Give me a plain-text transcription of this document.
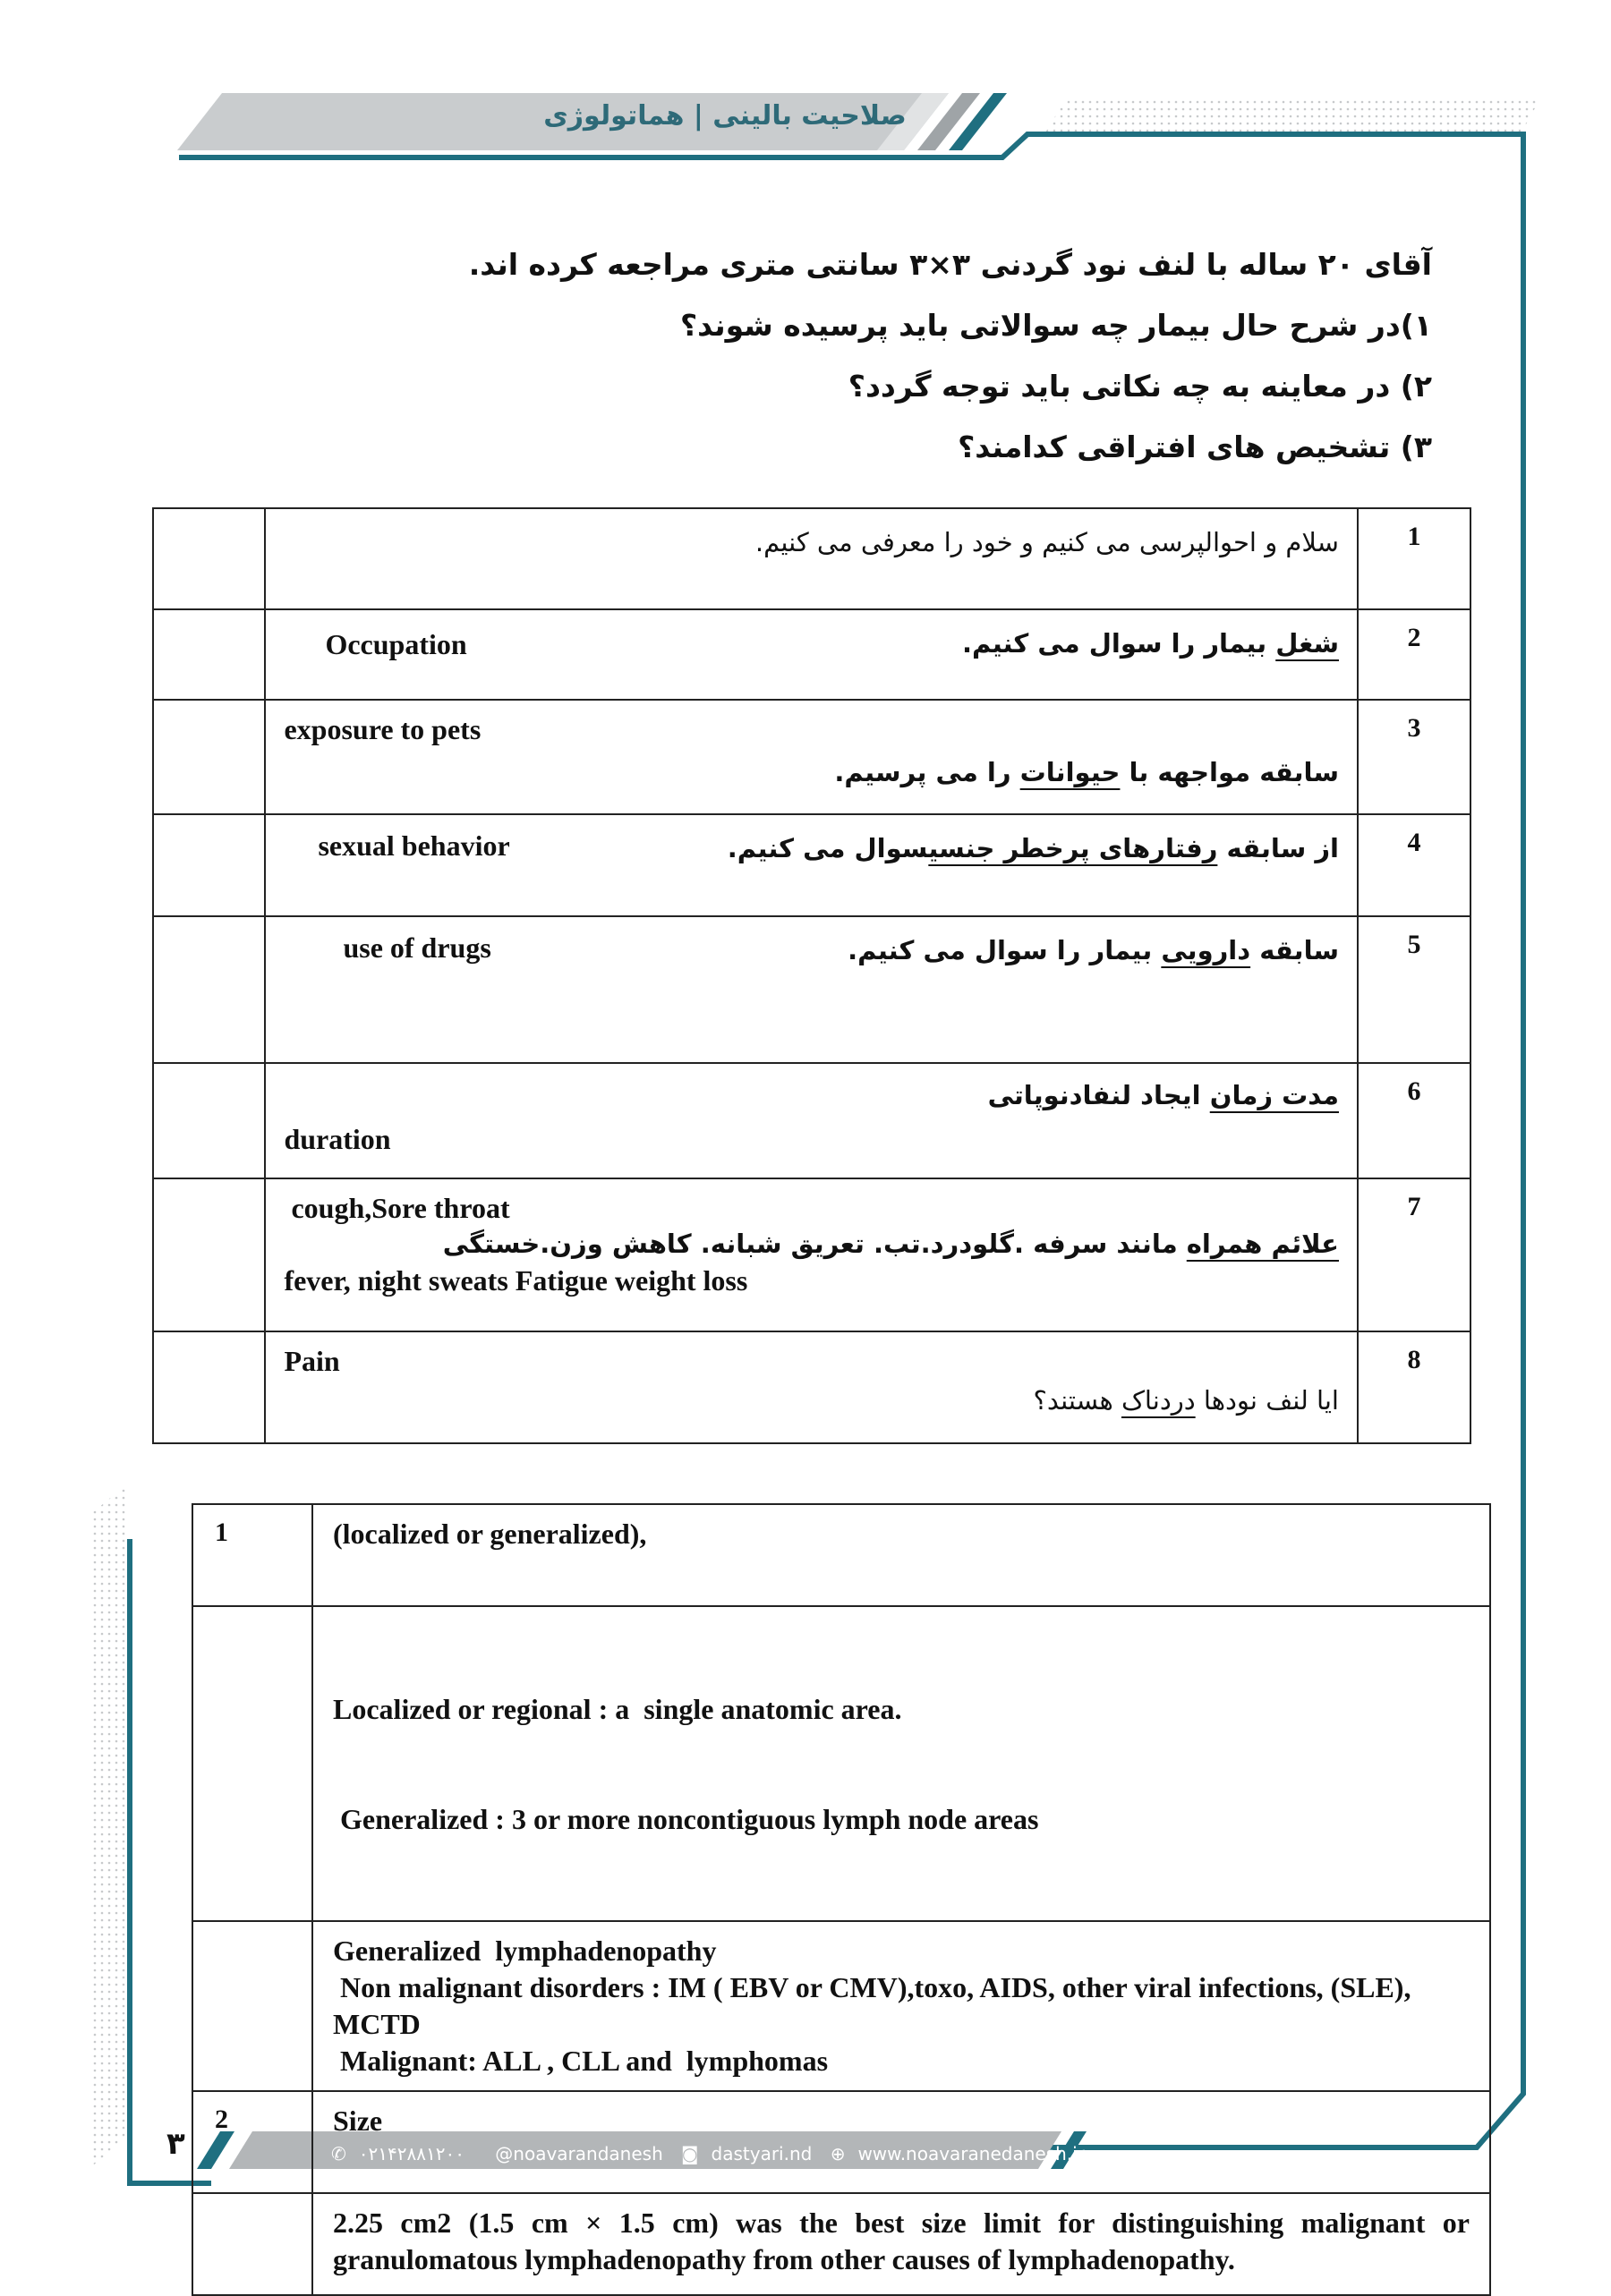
صلاحیت بالینی | هماتولوژی

آقای ۲۰ ساله با لنف نود گردنی ۳×۳ سانتی متری مراجعه کرده اند.

۱)در شرح حال بیمار چه سوالاتی باید پرسیده شوند؟

۲) در معاینه به چه نکاتی باید توجه گردد؟

۳) تشخیص های افتراقی کدامند؟

	سلام و احوالپرسی می کنیم و خود را معرفی می کنیم.	1

	Occupation شغل بیمار را سوال می کنیم.	2

	exposure to pets
سابقه مواجهه با حیوانات را می پرسیم.	3

	sexual behavior از سابقه رفتارهای پرخطر جنسیسوال می کنیم.	4

	use of drugs سابقه دارویی بیمار را سوال می کنیم.	5

	مدت زمان ایجاد لنفادنوپاتی
duration	6

	cough,Sore throat
علائم همراه مانند سرفه .گلودرد.تب. تعریق شبانه. کاهش وزن.خستگی
fever, night sweats Fatigue weight loss	7

	Pain
ایا لنف نودها دردناک هستند؟	8
1	(localized or generalized),

	Localized or regional : a  single anatomic area.

Generalized : 3 or more noncontiguous lymph node areas

	Generalized  lymphadenopathy
Non malignant disorders : IM ( EBV or CMV),toxo, AIDS, other viral infections, (SLE), MCTD
Malignant: ALL , CLL and  lymphomas

2	Size

	2.25 cm2 (1.5 cm × 1.5 cm) was the best size limit for distinguishing malignant or granulomatous lymphadenopathy from other causes of lymphadenopathy.
۳	✆ ۰۲۱۴۲۸۸۱۲۰۰ @noavarandanesh ◙ dastyari.nd ⊕ www.noavaranedanesh.ir
